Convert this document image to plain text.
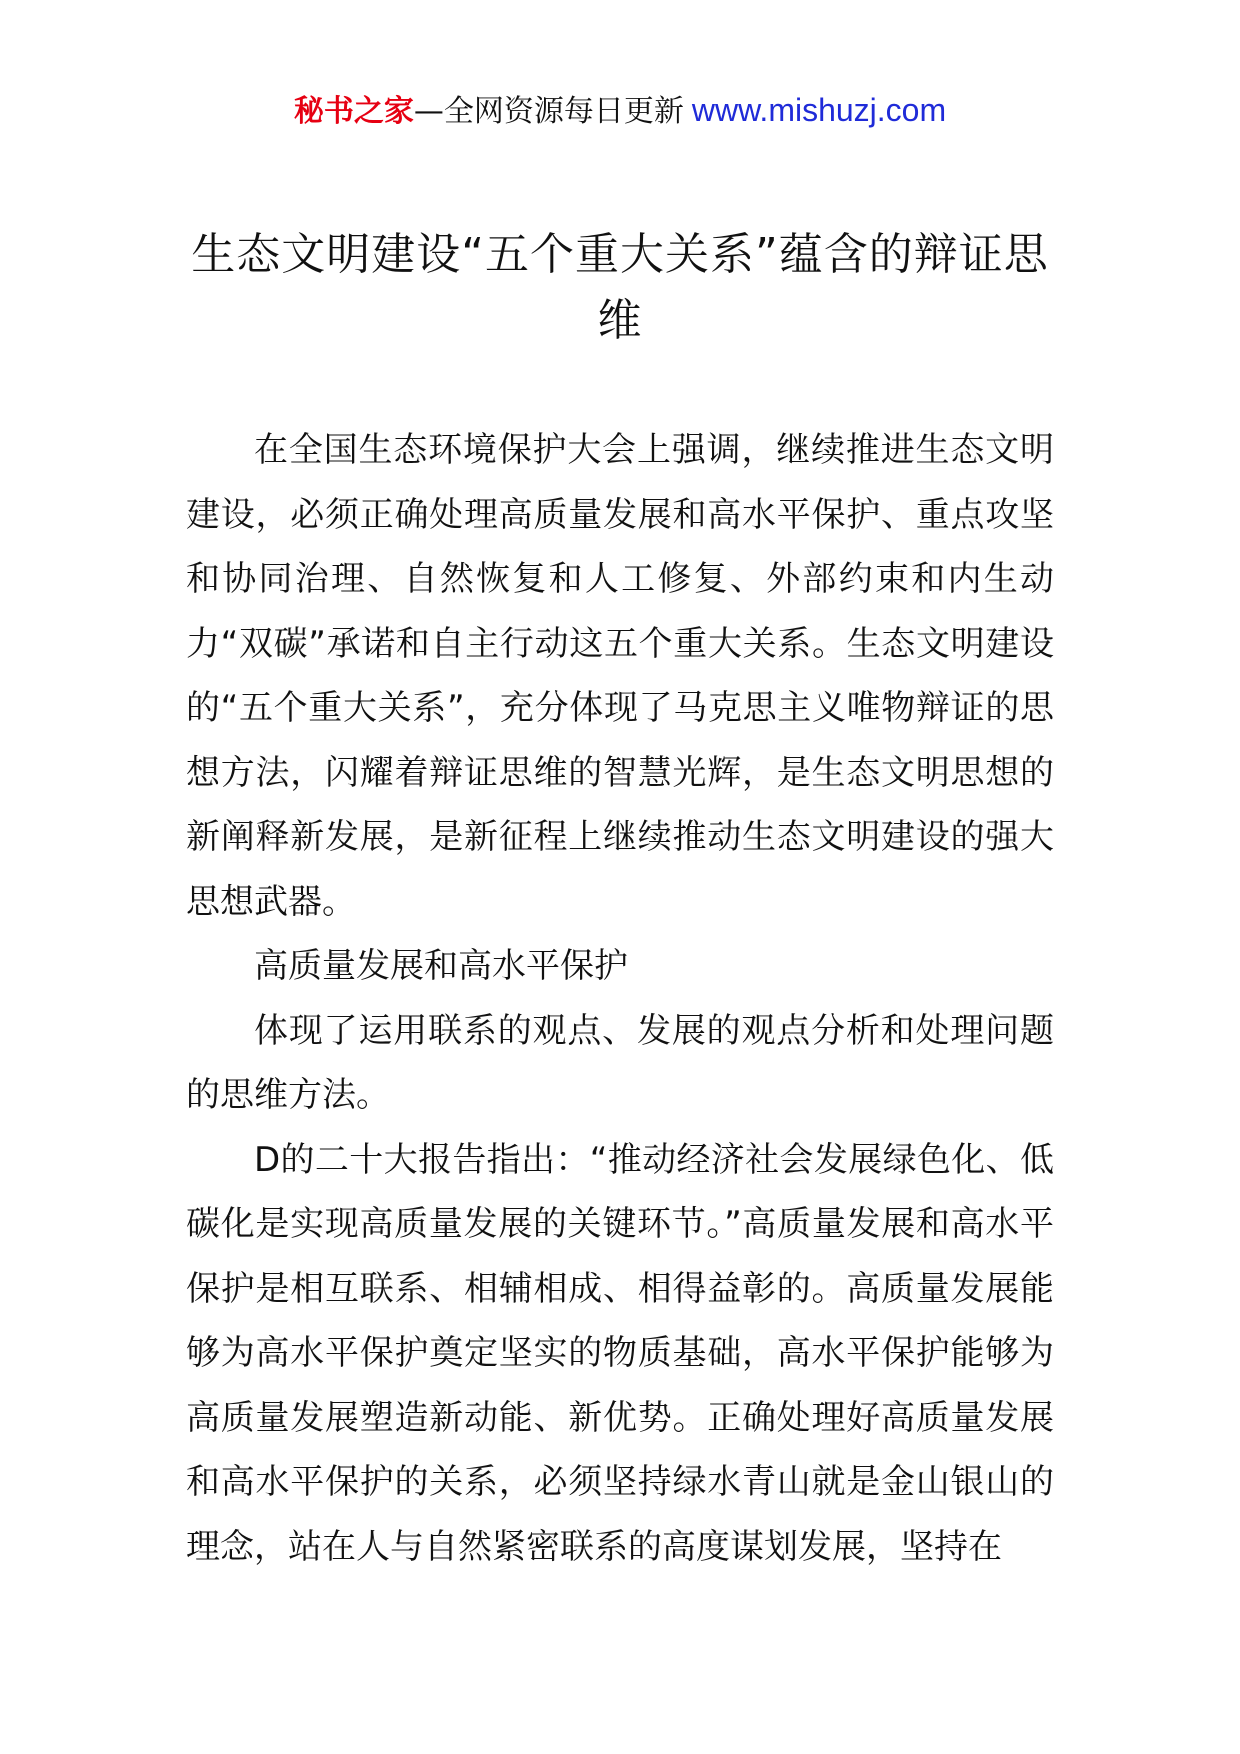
秘书之家—全网资源每日更新 www.mishuzj.com
生态文明建设“五个重大关系”蕴含的辩证思维

在全国生态环境保护大会上强调，继续推进生态文明建设，必须正确处理高质量发展和高水平保护、重点攻坚和协同治理、自然恢复和人工修复、外部约束和内生动力“双碳”承诺和自主行动这五个重大关系。生态文明建设的“五个重大关系”，充分体现了马克思主义唯物辩证的思想方法，闪耀着辩证思维的智慧光辉，是生态文明思想的新阐释新发展，是新征程上继续推动生态文明建设的强大思想武器。

高质量发展和高水平保护

体现了运用联系的观点、发展的观点分析和处理问题的思维方法。

D的二十大报告指出：“推动经济社会发展绿色化、低碳化是实现高质量发展的关键环节。”高质量发展和高水平保护是相互联系、相辅相成、相得益彰的。高质量发展能够为高水平保护奠定坚实的物质基础，高水平保护能够为高质量发展塑造新动能、新优势。正确处理好高质量发展和高水平保护的关系，必须坚持绿水青山就是金山银山的理念，站在人与自然紧密联系的高度谋划发展，坚持在
